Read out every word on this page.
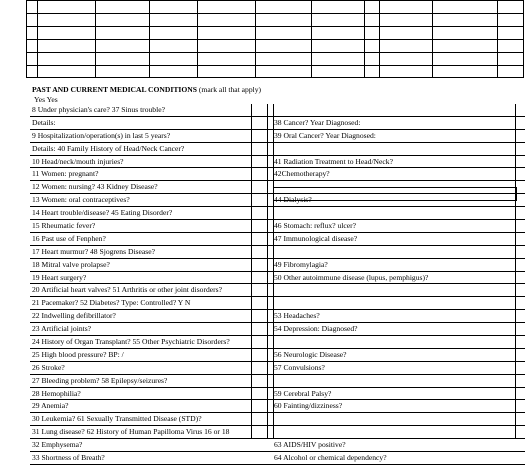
PAST AND CURRENT MEDICAL CONDITIONS (mark all that apply)
Yes Yes
8 Under physician's care? 37 Sinus trouble?
Details:	38 Cancer? Year Diagnosed:
9 Hospitalization/operation(s) in last 5 years?	39 Oral Cancer? Year Diagnosed:
Details: 40 Family History of Head/Neck Cancer?
10 Head/neck/mouth injuries?	41 Radiation Treatment to Head/Neck?
11 Women: pregnant?	42Chemotherapy?
12 Women: nursing? 43 Kidney Disease?
13 Women: oral contraceptives?	44 Dialysis?
14 Heart trouble/disease? 45 Eating Disorder?
15 Rheumatic fever?	46 Stomach: reflux? ulcer?
16 Past use of Fenphen?	47 Immunological disease?
17 Heart murmur? 48 Sjogrens Disease?
18 Mitral valve prolapse?	49 Fibromylagia?
19 Heart surgery?	50 Other autoimmune disease (lupus, pemphigus)?
20 Artificial heart valves? 51 Arthritis or other joint disorders?
21 Pacemaker? 52 Diabetes? Type: Controlled? Y N
22 Indwelling defibrillator?	53 Headaches?
23 Artificial joints?	54 Depression: Diagnosed?
24 History of Organ Transplant? 55 Other Psychiatric Disorders?
25 High blood pressure? BP: /	56 Neurologic Disease?
26 Stroke?	57 Convulsions?
27 Bleeding problem? 58 Epilepsy/seizures?
28 Hemophilia?	59 Cerebral Palsy?
29 Anemia?	60 Fainting/dizziness?
30 Leukemia? 61 Sexually Transmitted Disease (STD)?
31 Lung disease? 62 History of Human Papilloma Virus 16 or 18
32 Emphysema?	63 AIDS/HIV positive?
33 Shortness of Breath?	64 Alcohol or chemical dependency?
